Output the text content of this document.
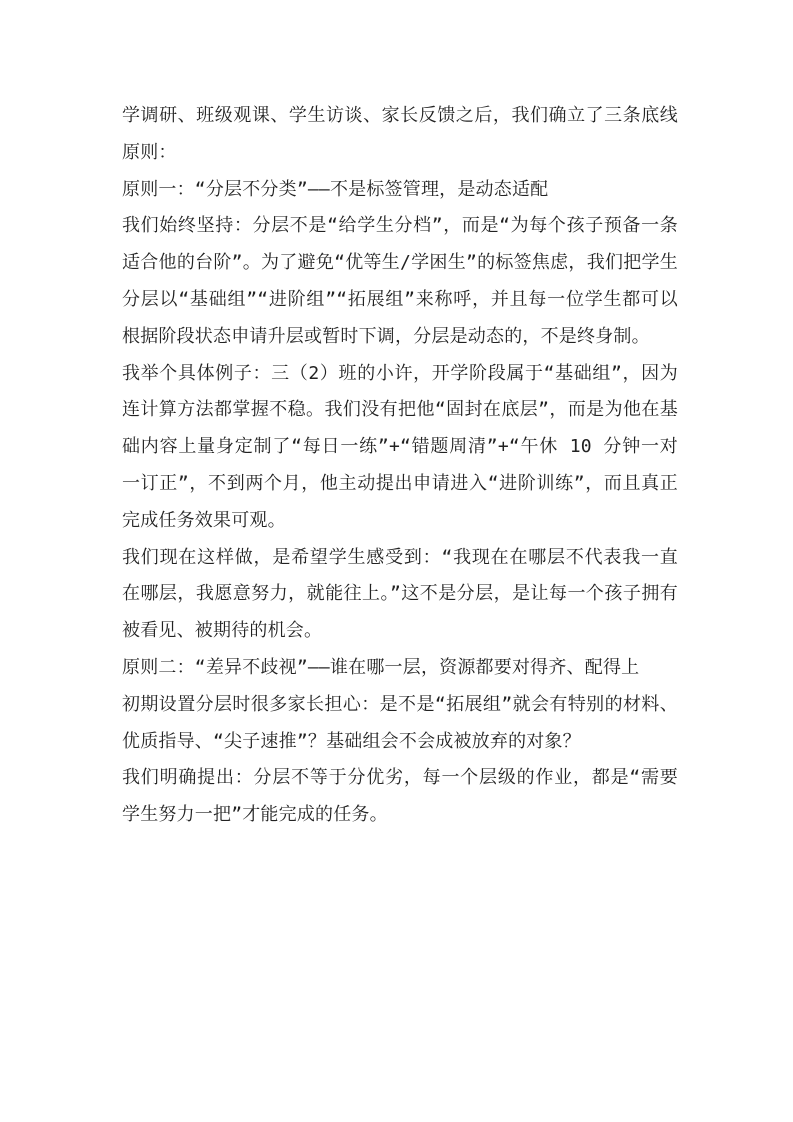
学调研、班级观课、学生访谈、家长反馈之后，我们确立了三条底线原则：

原则一：“分层不分类”——不是标签管理，是动态适配

我们始终坚持：分层不是“给学生分档”，而是“为每个孩子预备一条适合他的台阶”。为了避免“优等生/学困生”的标签焦虑，我们把学生分层以“基础组”“进阶组”“拓展组”来称呼，并且每一位学生都可以根据阶段状态申请升层或暂时下调，分层是动态的，不是终身制。

我举个具体例子：三（2）班的小许，开学阶段属于“基础组”，因为连计算方法都掌握不稳。我们没有把他“固封在底层”，而是为他在基础内容上量身定制了“每日一练”+“错题周清”+“午休 10 分钟一对一订正”，不到两个月，他主动提出申请进入“进阶训练”，而且真正完成任务效果可观。

我们现在这样做，是希望学生感受到：“我现在在哪层不代表我一直在哪层，我愿意努力，就能往上。”这不是分层，是让每一个孩子拥有被看见、被期待的机会。

原则二：“差异不歧视”——谁在哪一层，资源都要对得齐、配得上

初期设置分层时很多家长担心：是不是“拓展组”就会有特别的材料、优质指导、“尖子速推”？基础组会不会成被放弃的对象？

我们明确提出：分层不等于分优劣，每一个层级的作业，都是“需要学生努力一把”才能完成的任务。
